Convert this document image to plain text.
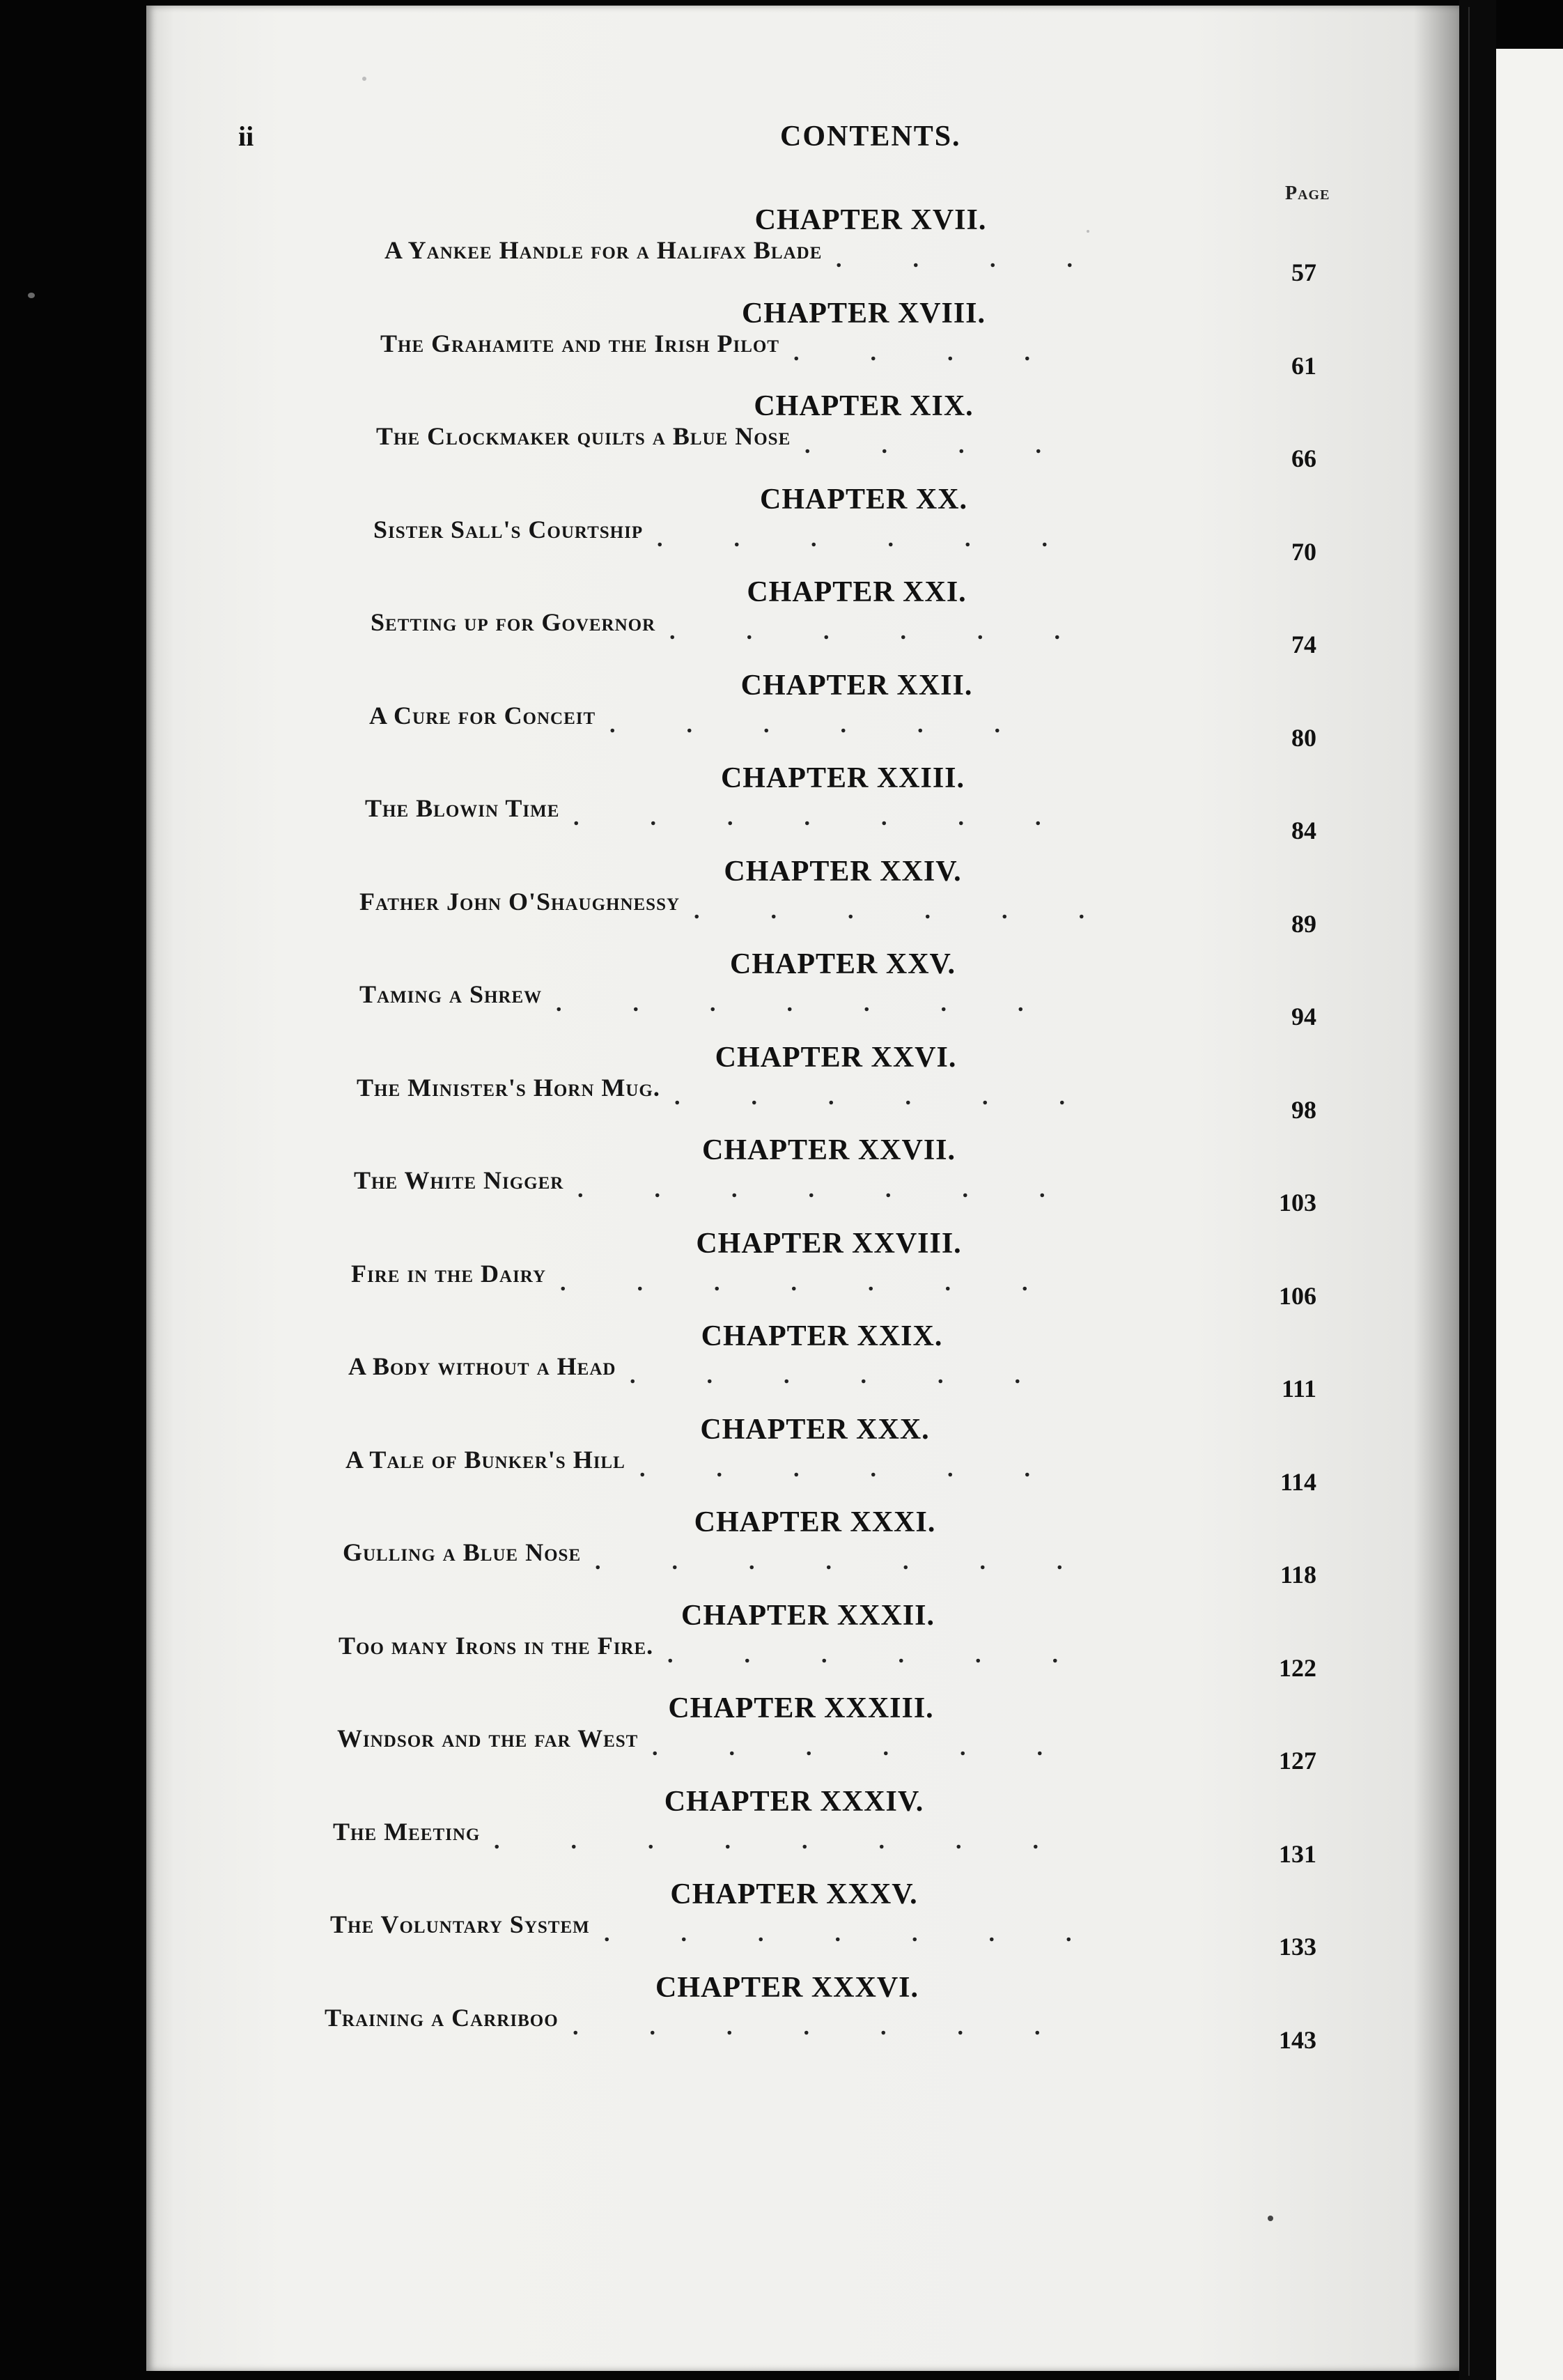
ii	CONTENTS.
Page
CHAPTER XVII.
A Yankee Handle for a Halifax Blade
57
.   .   .   .   
CHAPTER XVIII.
The Grahamite and the Irish Pilot
61
.   .   .   .   
CHAPTER XIX.
The Clockmaker quilts a Blue Nose
66
.   .   .   .   
CHAPTER XX.
Sister Sall's Courtship
70
.   .   .   .   .   .   
CHAPTER XXI.
Setting up for Governor
74
.   .   .   .   .   .   
CHAPTER XXII.
A Cure for Conceit
80
.   .   .   .   .   .   
CHAPTER XXIII.
The Blowin Time
84
.   .   .   .   .   .   .   
CHAPTER XXIV.
Father John O'Shaughnessy
89
.   .   .   .   .   .   
CHAPTER XXV.
Taming a Shrew
94
.   .   .   .   .   .   .   
CHAPTER XXVI.
The Minister's Horn Mug.
98
.   .   .   .   .   .   
CHAPTER XXVII.
The White Nigger
103
.   .   .   .   .   .   .   
CHAPTER XXVIII.
Fire in the Dairy
106
.   .   .   .   .   .   .   
CHAPTER XXIX.
A Body without a Head
111
.   .   .   .   .   .   
CHAPTER XXX.
A Tale of Bunker's Hill
114
.   .   .   .   .   .   
CHAPTER XXXI.
Gulling a Blue Nose
118
.   .   .   .   .   .   .   
CHAPTER XXXII.
Too many Irons in the Fire.
122
.   .   .   .   .   .   
CHAPTER XXXIII.
Windsor and the far West
127
.   .   .   .   .   .   
CHAPTER XXXIV.
The Meeting
131
.   .   .   .   .   .   .   .   
CHAPTER XXXV.
The Voluntary System
133
.   .   .   .   .   .   .   
CHAPTER XXXVI.
Training a Carriboo
143
.   .   .   .   .   .   .   
